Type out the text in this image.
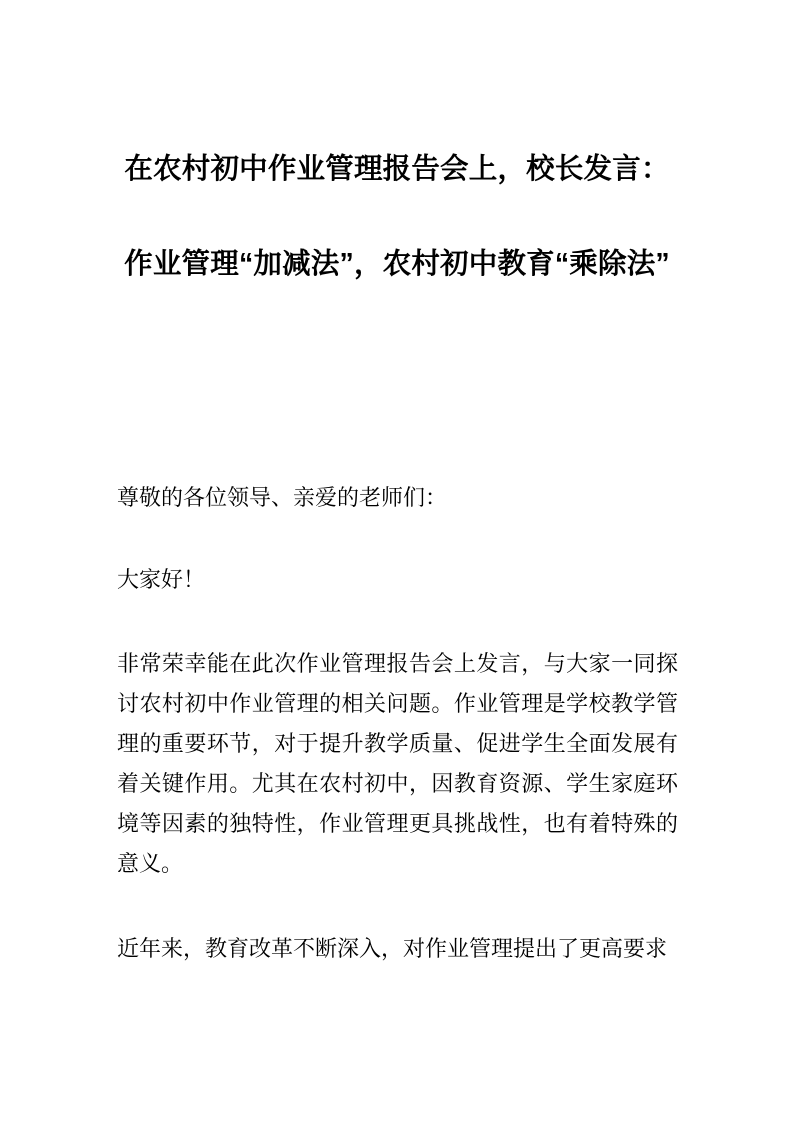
在农村初中作业管理报告会上，校长发言：作业管理“加减法”，农村初中教育“乘除法”

尊敬的各位领导、亲爱的老师们：

大家好！

非常荣幸能在此次作业管理报告会上发言，与大家一同探讨农村初中作业管理的相关问题。作业管理是学校教学管理的重要环节，对于提升教学质量、促进学生全面发展有着关键作用。尤其在农村初中，因教育资源、学生家庭环境等因素的独特性，作业管理更具挑战性，也有着特殊的意义。

近年来，教育改革不断深入，对作业管理提出了更高要求
